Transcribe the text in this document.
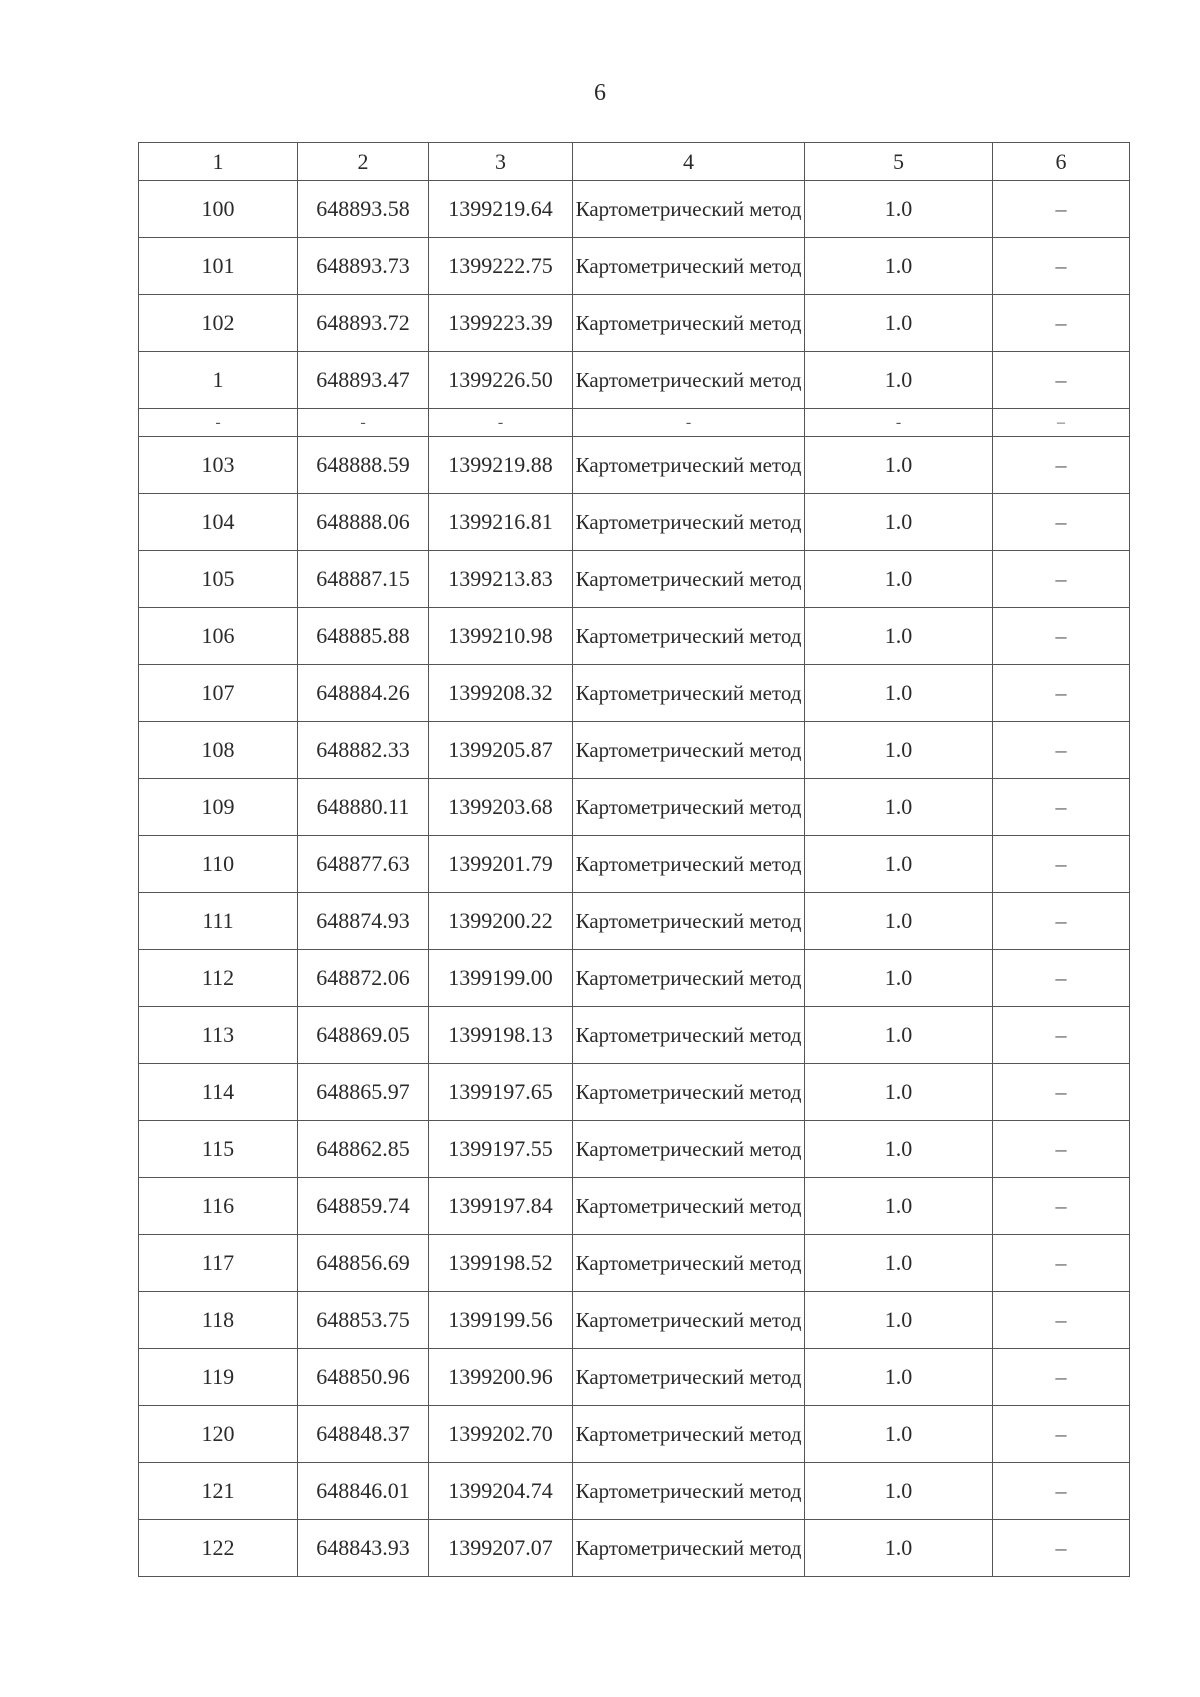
6
1	2	3	4	5	6
100	648893.58	1399219.64	Картометрический метод	1.0	–
101	648893.73	1399222.75	Картометрический метод	1.0	–
102	648893.72	1399223.39	Картометрический метод	1.0	–
1	648893.47	1399226.50	Картометрический метод	1.0	–
-	-	-	-	-	–
103	648888.59	1399219.88	Картометрический метод	1.0	–
104	648888.06	1399216.81	Картометрический метод	1.0	–
105	648887.15	1399213.83	Картометрический метод	1.0	–
106	648885.88	1399210.98	Картометрический метод	1.0	–
107	648884.26	1399208.32	Картометрический метод	1.0	–
108	648882.33	1399205.87	Картометрический метод	1.0	–
109	648880.11	1399203.68	Картометрический метод	1.0	–
110	648877.63	1399201.79	Картометрический метод	1.0	–
111	648874.93	1399200.22	Картометрический метод	1.0	–
112	648872.06	1399199.00	Картометрический метод	1.0	–
113	648869.05	1399198.13	Картометрический метод	1.0	–
114	648865.97	1399197.65	Картометрический метод	1.0	–
115	648862.85	1399197.55	Картометрический метод	1.0	–
116	648859.74	1399197.84	Картометрический метод	1.0	–
117	648856.69	1399198.52	Картометрический метод	1.0	–
118	648853.75	1399199.56	Картометрический метод	1.0	–
119	648850.96	1399200.96	Картометрический метод	1.0	–
120	648848.37	1399202.70	Картометрический метод	1.0	–
121	648846.01	1399204.74	Картометрический метод	1.0	–
122	648843.93	1399207.07	Картометрический метод	1.0	–
